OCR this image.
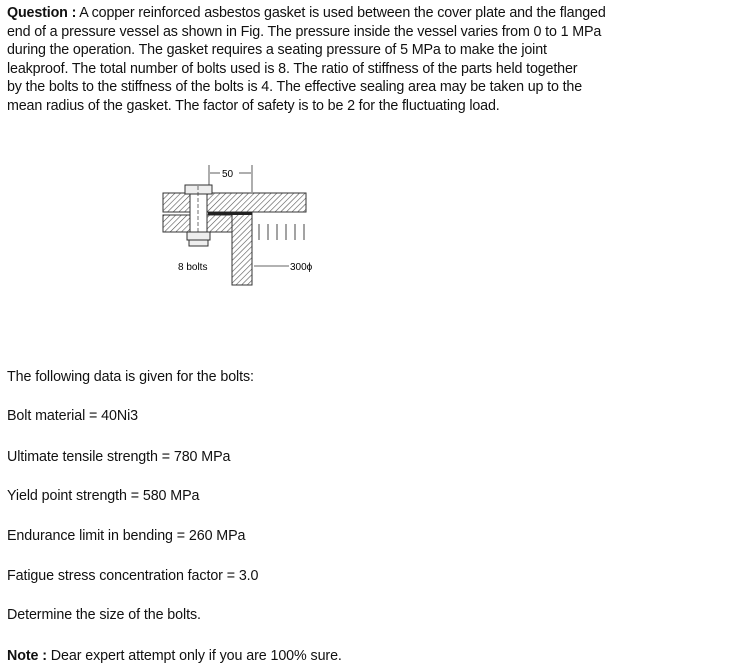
Question : A copper reinforced asbestos gasket is used between the cover plate and the flanged
end of a pressure vessel as shown in Fig. The pressure inside the vessel varies from 0 to 1 MPa
during the operation. The gasket requires a seating pressure of 5 MPa to make the joint
leakproof. The total number of bolts used is 8. The ratio of stiffness of the parts held together
by the bolts to the stiffness of the bolts is 4. The effective sealing area may be taken up to the
mean radius of the gasket. The factor of safety is to be 2 for the fluctuating load.
50
8 bolts	300ϕ
The following data is given for the bolts:
Bolt material = 40Ni3
Ultimate tensile strength = 780 MPa
Yield point strength = 580 MPa
Endurance limit in bending = 260 MPa
Fatigue stress concentration factor = 3.0
Determine the size of the bolts.
Note : Dear expert attempt only if you are 100% sure.
